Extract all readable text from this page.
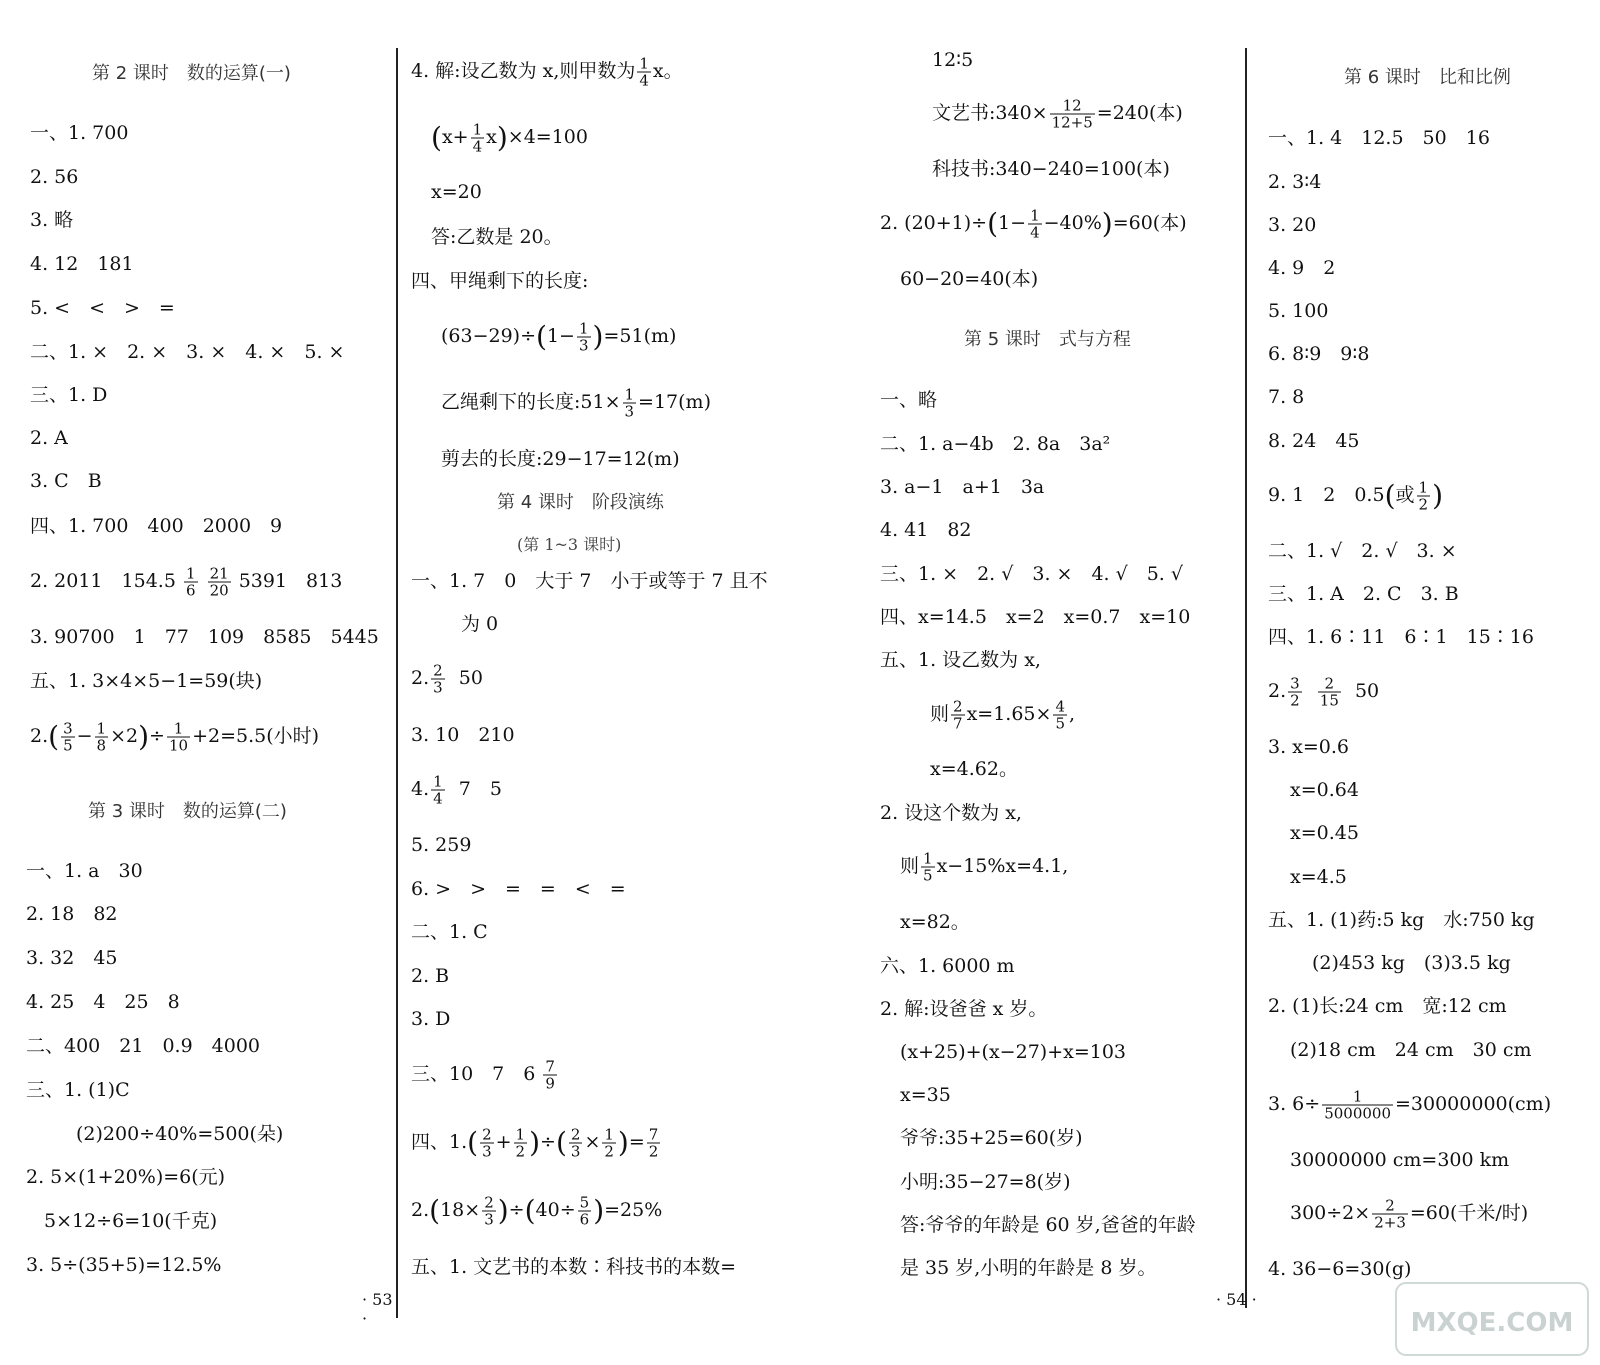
第 2 课时　数的运算(一)
一、1. 700
2. 56
3. 略
4. 12　181
5. <　<　>　=
二、1. ×　2. ×　3. ×　4. ×　5. ×
三、1. D
2. A
3. C　B
四、1. 700　400　2000　9
2. 2011　$154.5 \frac{1}{6}$
$\frac{21}{20} 5391$　813
3. 90700　1　77　109　8585　5445
五、1. 3×4×5−1=59(块)
$2.( \frac{3}{5} - \frac{1}{8} \times 2)\div \frac{1}{10} +2=5.5$(小时)
第 3 课时　数的运算(二)
一、1. a　30
2. 18　82
3. 32　45
4. 25　4　25　8
二、400　21　0.9　4000
三、1. (1)C
(2)200÷40%=500(朵)
2. 5×(1+20%)=6(元)
5×12÷6=10(千克)
3. 5÷(35+5)=12.5%
· 53 ·
4. 解:设乙数为 x,则甲数为 $\frac{1}{4}$ x。
$(x+ \frac{1}{4} x)\times 4=100$
x=20
答:乙数是 20。
四、甲绳剩下的长度:
$(63-29)\div(1- \frac{1}{3} )=51(m)$
乙绳剩下的长度:51× $\frac{1}{3} =17(m)$
剪去的长度:29−17=12(m)
第 4 课时　阶段演练
(第 1~3 课时)
一、1. 7　0　大于 7　小于或等于 7 且不
为 0
2. $\frac{2}{3} 50$
3. 10　210
4. $\frac{1}{4} 7$　5
5. 259
6. >　>　=　=　<　=
二、1. C
2. B
3. D
三、10　7　$6 \frac{7}{9}$
四、$1.( \frac{2}{3} + \frac{1}{2}$ )÷( $\frac{2}{3} \times \frac{1}{2}$ )= $\frac{7}{2}$
$2.(18\times \frac{2}{3} )\div(40\div \frac{5}{6} )=25\%$
五、1. 文艺书的本数∶科技书的本数=
12∶5
文艺书:340× $\frac{12}{12+5} =240$(本)
科技书:340−240=100(本)
2. $(20+1)\div(1- \frac{1}{4} -40\%)=60$(本)
60−20=40(本)
第 5 课时　式与方程
一、略
二、1. a−4b　2. 8a　3a²
3. a−1　a+1　3a
4. 41　82
三、1. ×　2. √　3. ×　4. √　5. √
四、x=14.5　x=2　x=0.7　x=10
五、1. 设乙数为 x,
则 $\frac{2}{7} x=1.65\times \frac{4}{5}$ ,
x=4.62。
2. 设这个数为 x,
则 $\frac{1}{5} x-15\%x=4.1$,
x=82。
六、1. 6000 m
2. 解:设爸爸 x 岁。
(x+25)+(x−27)+x=103
x=35
爷爷:35+25=60(岁)
小明:35−27=8(岁)
答:爷爷的年龄是 60 岁,爸爸的年龄
是 35 岁,小明的年龄是 8 岁。
第 6 课时　比和比例
一、1. 4　12.5　50　16
2. 3∶4
3. 20
4. 9　2
5. 100
6. 8∶9　9∶8
7. 8
8. 24　45
9. 1　2　0.5(或 $\frac{1}{2}$ )
二、1. √　2. √　3. ×
三、1. A　2. C　3. B
四、1. 6∶11　6∶1　15∶16
2. $\frac{3}{2}$
$\frac{2}{15} 50$
3. x=0.6
x=0.64
x=0.45
x=4.5
五、1. (1)药:5 kg　水:750 kg
(2)453 kg　(3)3.5 kg
2. (1)长:24 cm　宽:12 cm
(2)18 cm　24 cm　30 cm
3. $6\div \frac{1}{5000000} =30000000(cm)$
30000000 cm=300 km
$300\div 2\times \frac{2}{2+3} =60$(千米/时)
4. 36−6=30(g)
· 54 ·
MXQE.COM
